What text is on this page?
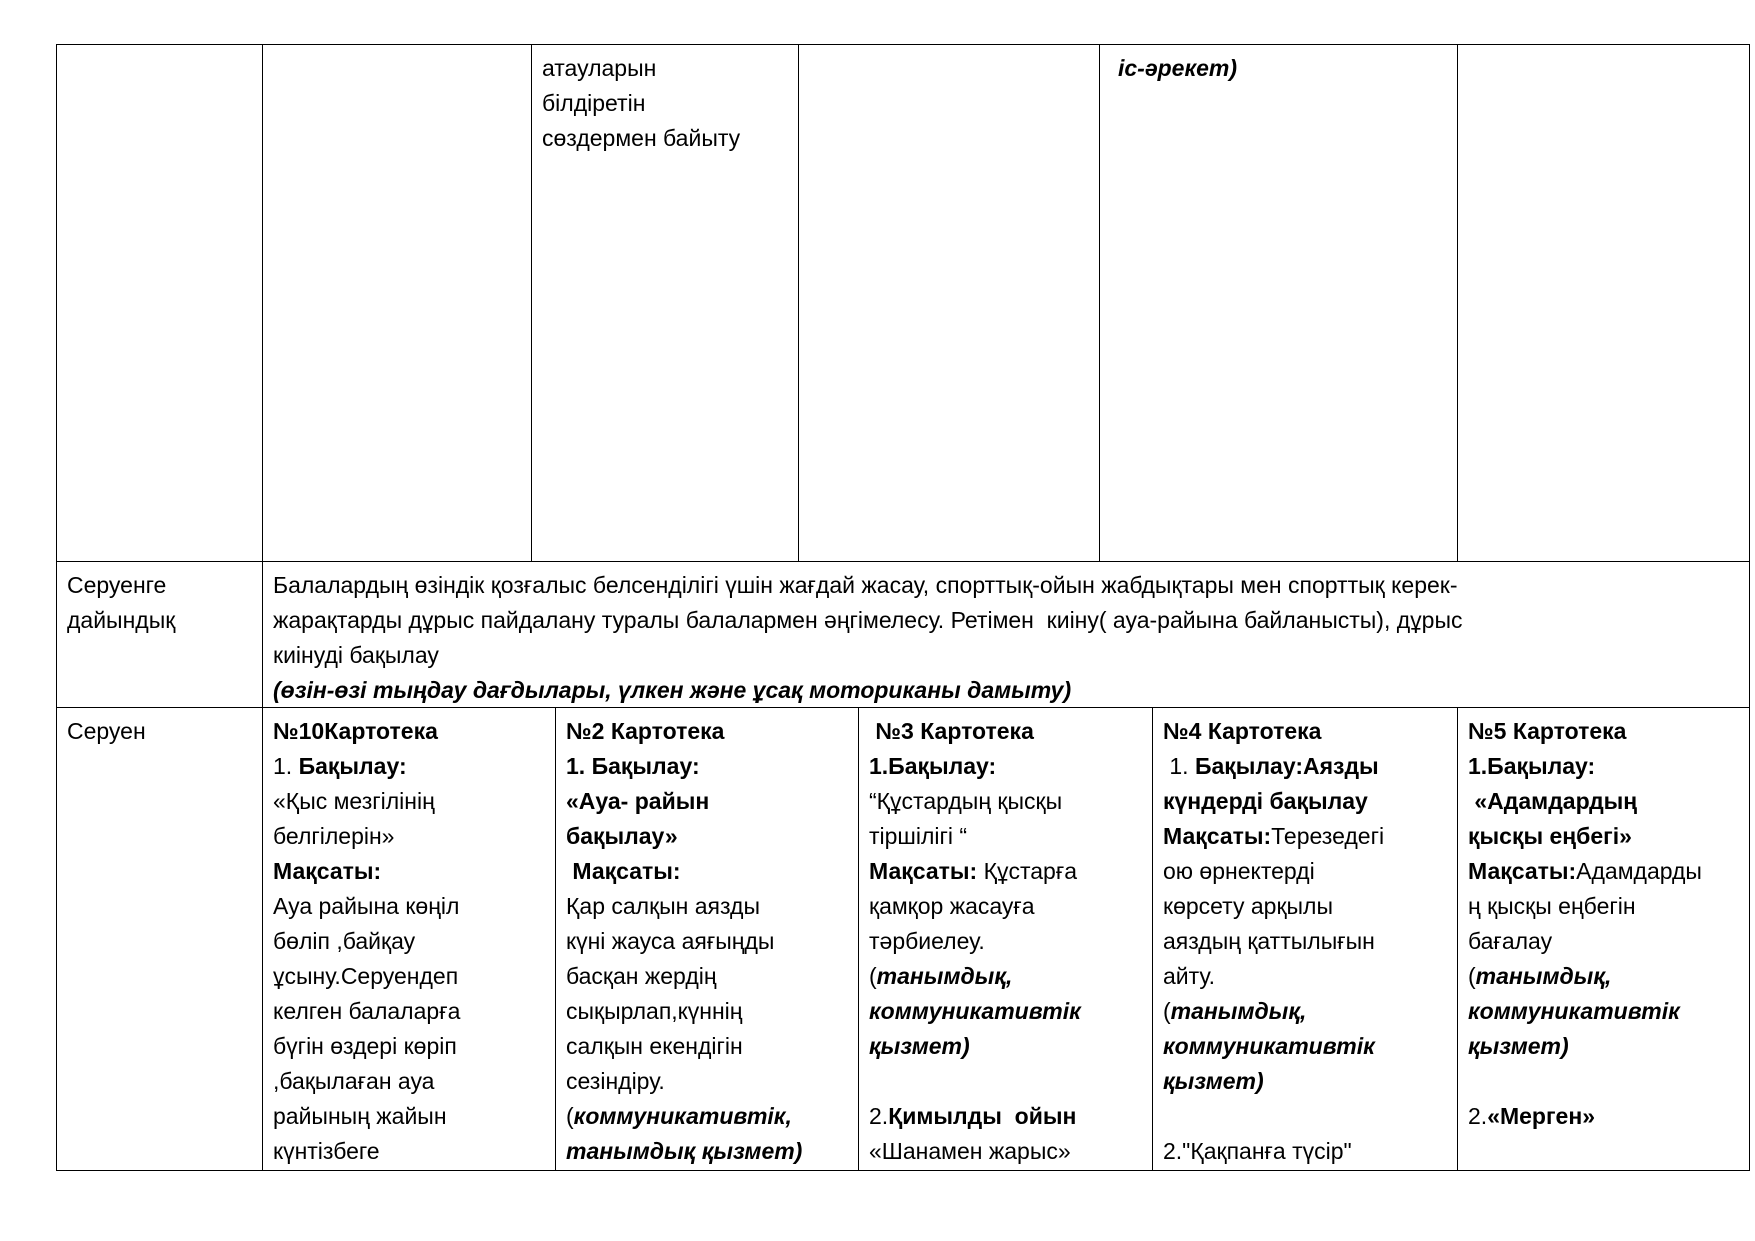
атауларын
білдіретін
сөздермен байыту
іс-әрекет)
Серуенге
дайындық
Балалардың өзіндік қозғалыс белсенділігі үшін жағдай жасау, спорттық-ойын жабдықтары мен спорттық керек-
жарақтарды дұрыс пайдалану туралы балалармен әңгімелесу. Ретімен  киіну( ауа-райына байланысты), дұрыс
киінуді бақылау
(өзін-өзі тыңдау дағдылары, үлкен және ұсақ моториканы дамыту)
Серуен	№10Картотека
1. Бақылау:
«Қыс мезгілінің
белгілерін»
Мақсаты:
Ауа райына көңіл
бөліп ,байқау
ұсыну.Серуендеп
келген балаларға
бүгін өздері көріп
,бақылаған ауа
райының жайын
күнтізбеге
№2 Картотека
1. Бақылау:
«Ауа- райын
бақылау»
Мақсаты:
Қар салқын аязды
күні жауса аяғыңды
басқан жердің
сықырлап,күннің
салқын екендігін
сезіндіру.
(коммуникативтік,
танымдық қызмет)
№3 Картотека
1.Бақылау:
“Құстардың қысқы
тіршілігі “
Мақсаты: Құстарға
қамқор жасауға
тәрбиелеу.
(танымдық,
коммуникативтік
қызмет)

2.Қимылды  ойын
«Шанамен жарыс»
№4 Картотека
1. Бақылау:Аязды
күндерді бақылау
Мақсаты:Терезедегі
ою өрнектерді
көрсету арқылы
аяздың қаттылығын
айту.
(танымдық,
коммуникативтік
қызмет)

2."Қақпанға түсір"
№5 Картотека
1.Бақылау:
«Адамдардың
қысқы еңбегі»
Мақсаты:Адамдарды
ң қысқы еңбегін
бағалау
(танымдық,
коммуникативтік
қызмет)

2.«Мерген»
